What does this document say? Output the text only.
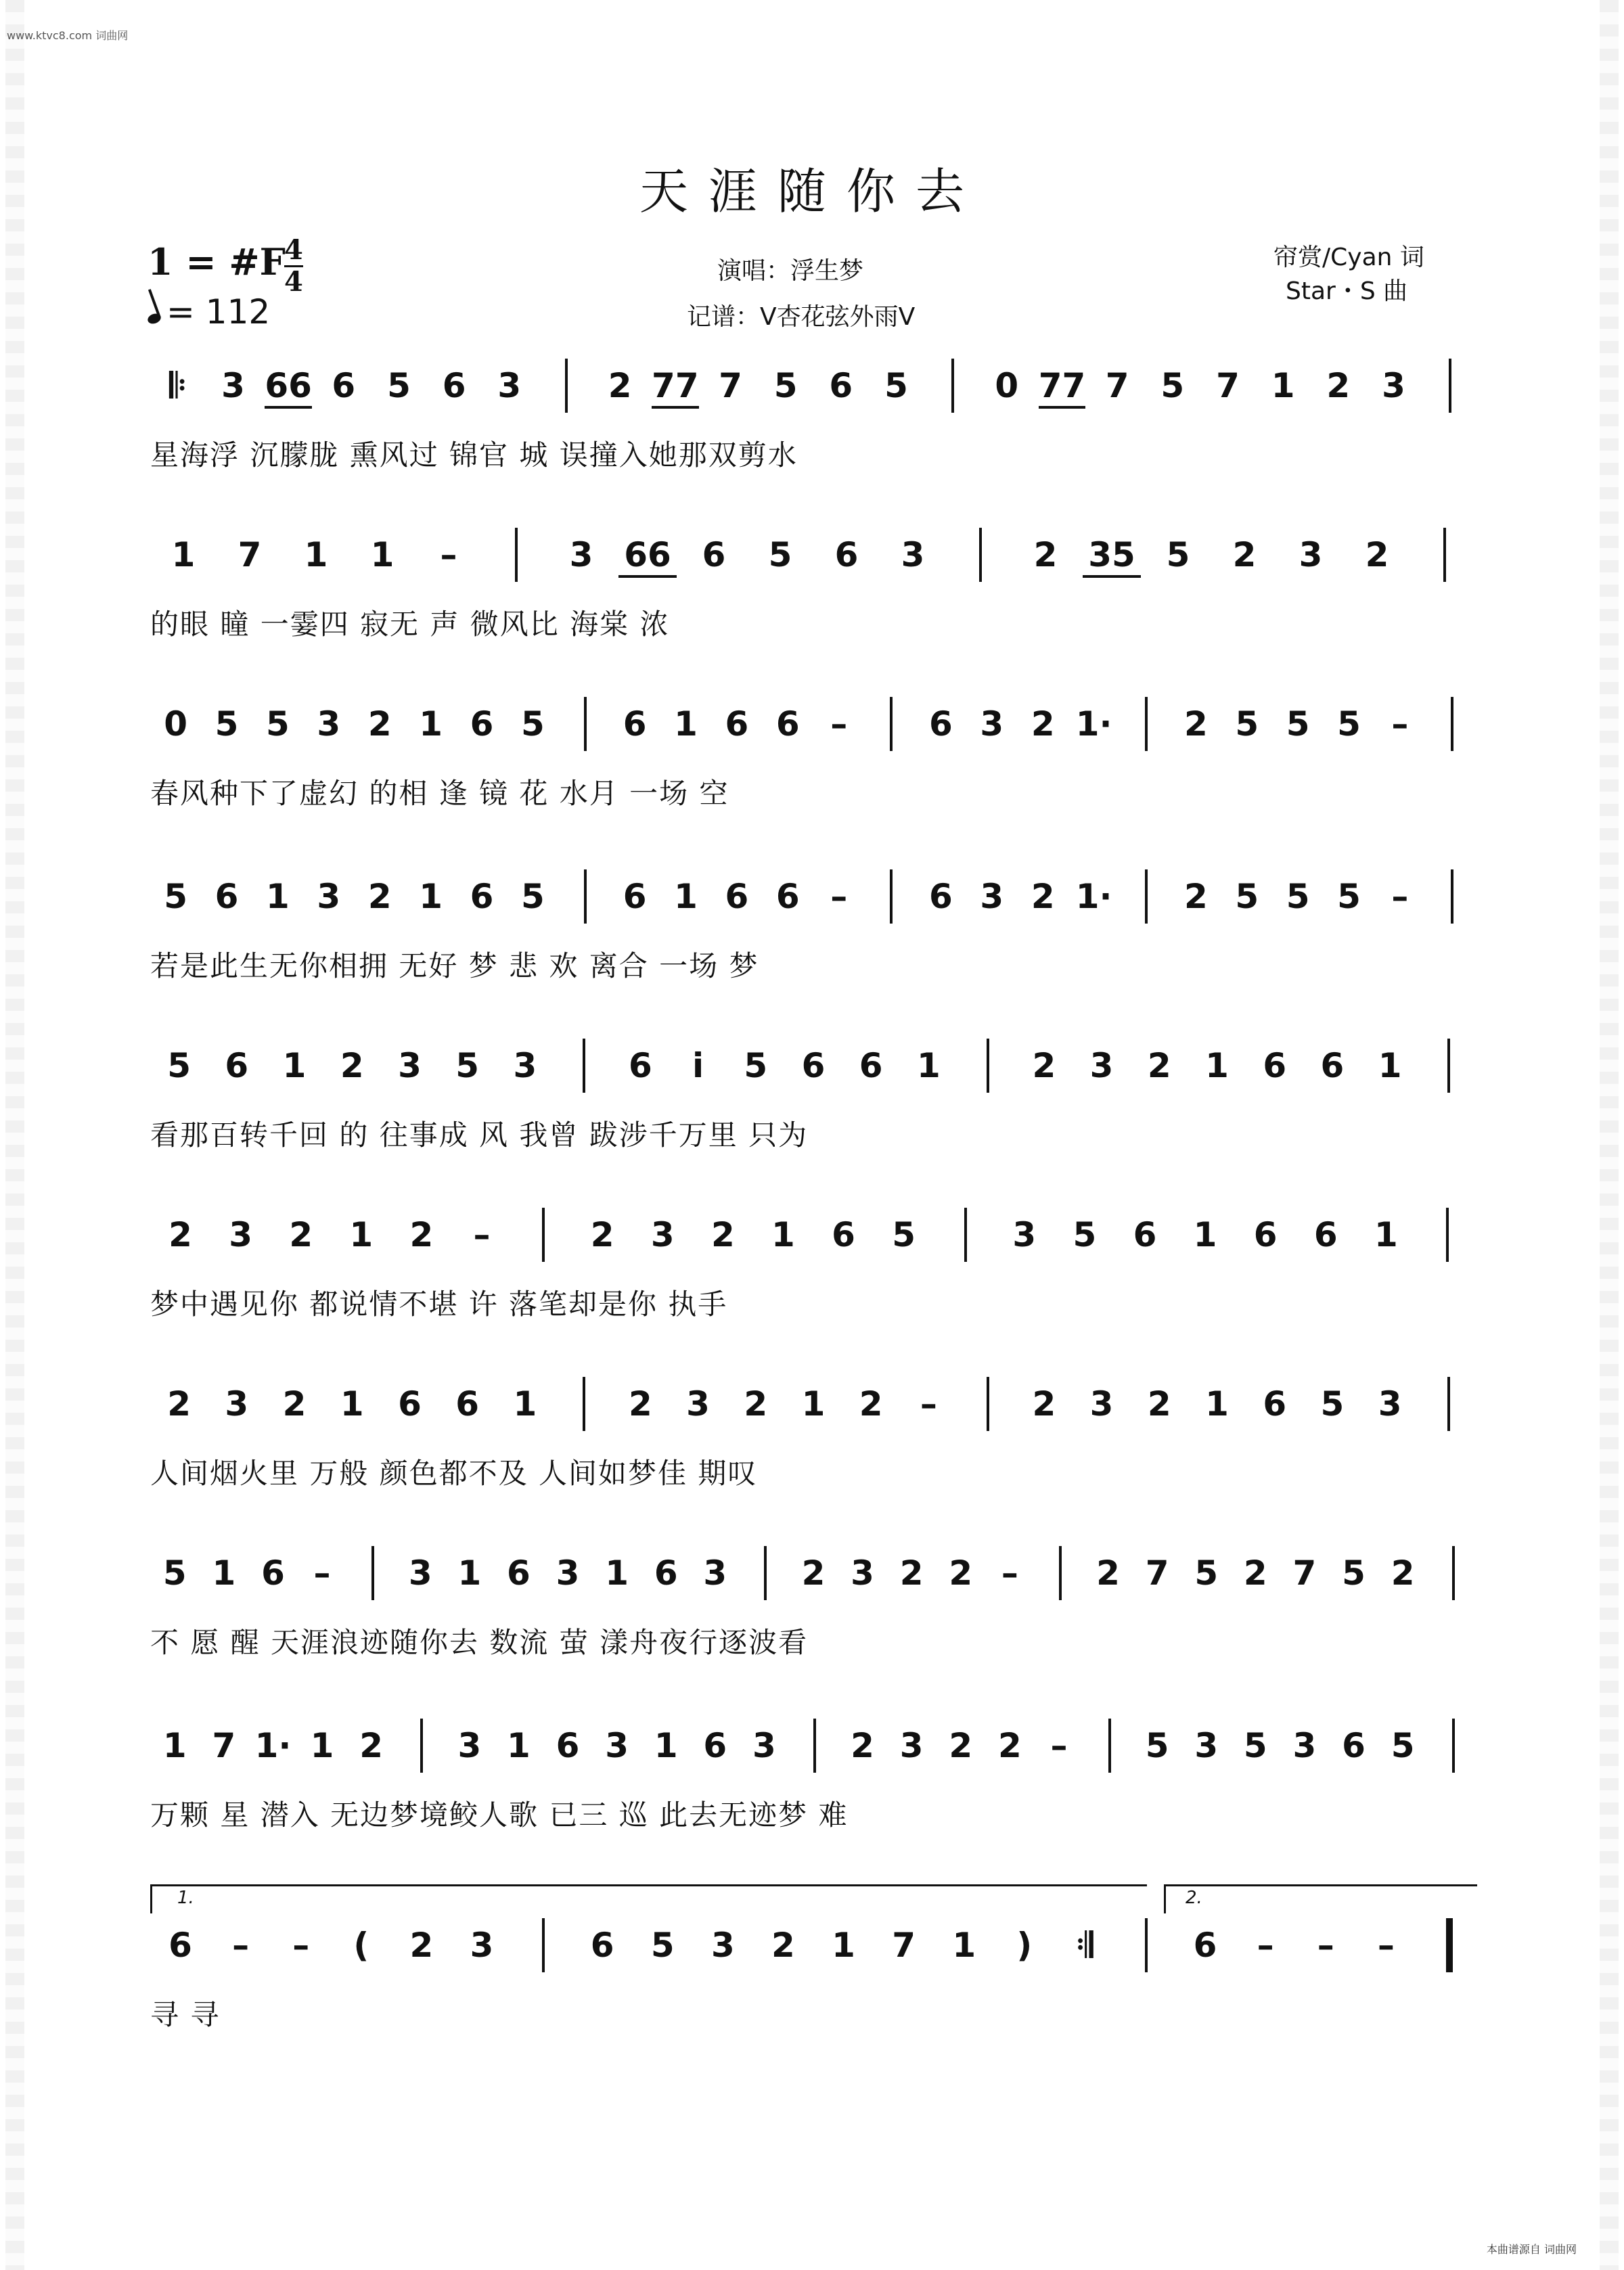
www.ktvc8.com 词曲网
天涯随你去
1 = #F
4
4
= 112
演唱：浮生梦
记谱：V杏花弦外雨V
帘赏/Cyan 词
Star・S 曲
𝄆	3 66 6 5 6 3	2 77 7 5 6 5	0 77 7 5 7 1 2 3
星海浮 沉朦胧 熏风过 锦官 城 误撞入她那双剪水
1	7	1	1	–	3 66 6	5	6	3	2 35 5	2	3	2
的眼 瞳 一霎四 寂无 声 微风比 海棠 浓
0 5 5 3 2 1 6 5	6 1 6 6 –	6 3 2 1·	2 5 5 5 –
春风种下了虚幻 的相 逢 镜 花 水月 一场 空
5 6 1 3 2 1 6 5	6 1 6 6 –	6 3 2 1·	2 5 5 5 –
若是此生无你相拥 无好 梦 悲 欢 离合 一场 梦
5	6	1	2	3	5	3	6	i	5	6	6	1	2	3	2	1	6	6	1
看那百转千回 的 往事成 风 我曾 跋涉千万里 只为
2	3	2	1	2	–	2	3	2	1	6	5	3	5	6	1	6	6	1
梦中遇见你 都说情不堪 许 落笔却是你 执手
2	3	2	1	6	6	1	2	3	2	1	2	–	2	3	2	1	6	5	3
人间烟火里 万般 颜色都不及 人间如梦佳 期叹
5 1 6 –	3 1 6 3 1 6 3	2 3 2 2 –	2 7 5 2 7 5 2
不 愿 醒 天涯浪迹随你去 数流 萤 漾舟夜行逐波看
1 7 1· 1 2	3 1 6 3 1 6 3	2 3 2 2 –	5 3 5 3 6 5
万颗 星 潜入 无边梦境鲛人歌 已三 巡 此去无迹梦 难
6	–	–	(	2	3	6	5	3	2	1	7	1	)	𝄇	6	–	–	–
寻 寻
本曲谱源自 词曲网
1.	2.
